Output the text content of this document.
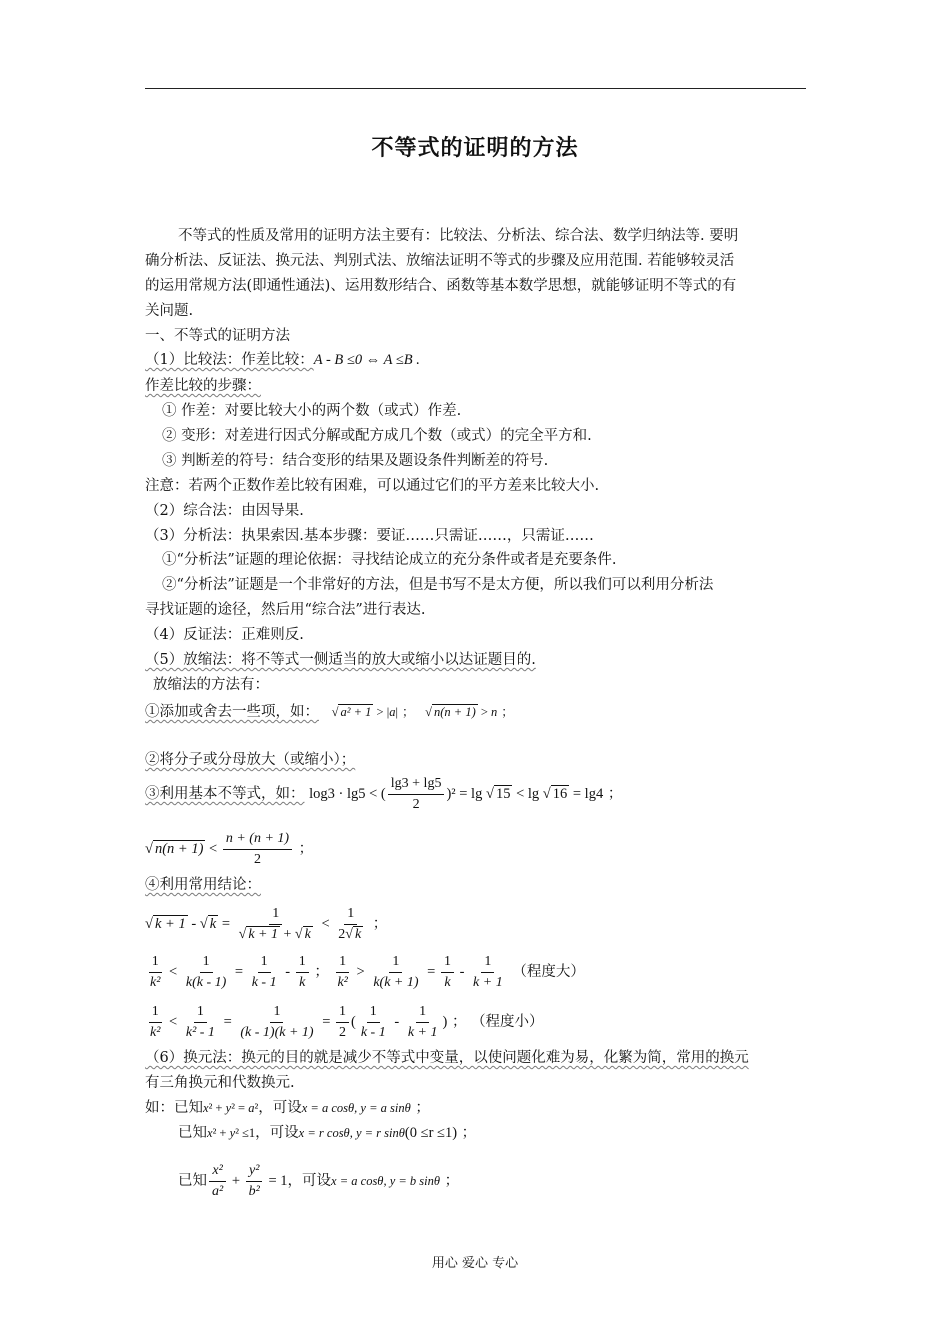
不等式的证明的方法
不等式的性质及常用的证明方法主要有：比较法、分析法、综合法、数学归纳法等. 要明
确分析法、反证法、换元法、判别式法、放缩法证明不等式的步骤及应用范围. 若能够较灵活
的运用常规方法(即通性通法)、运用数形结合、函数等基本数学思想，就能够证明不等式的有
关问题.
一、不等式的证明方法
（1）比较法：作差比较：A - B ≤0 ⇔ A ≤B .
作差比较的步骤：
① 作差：对要比较大小的两个数（或式）作差.
② 变形：对差进行因式分解或配方成几个数（或式）的完全平方和.
③ 判断差的符号：结合变形的结果及题设条件判断差的符号.
注意：若两个正数作差比较有困难，可以通过它们的平方差来比较大小.
（2）综合法：由因导果.
（3）分析法：执果索因.基本步骤：要证……只需证……，只需证……
①“分析法”证题的理论依据：寻找结论成立的充分条件或者是充要条件.
②“分析法”证题是一个非常好的方法，但是书写不是太方便，所以我们可以利用分析法
寻找证题的途径，然后用“综合法”进行表达.
（4）反证法：正难则反.
（5）放缩法：将不等式一侧适当的放大或缩小以达证题目的.
放缩法的方法有：
①添加或舍去一些项，如： √ a² + 1 > |a| ； √ n(n + 1) > n ；
②将分子或分母放大（或缩小）；
③利用基本不等式，如： log3 · lg5 < ( $\frac{\lg 3 + \lg 5}{2} )^2 = \lg$ √ 15 < lg √ 16 = lg4 ；
√ $n(n + 1) < \frac{n + (n + 1)}{2}$ ；
④利用常用结论：
√ k + 1 - √ $k = \frac{1}{√ k + 1 + √ k} < \frac{1}{2√ k}$ ；
$\frac{1}{\text{k²}} < \frac{1}{k(k - 1)} = \frac{1}{k - 1} - \frac{1}{k}$ ； $\frac{1}{\text{k²}} > \frac{1}{k(k + 1)} = \frac{1}{k} - \frac{1}{k + 1}$ （程度大）
$\frac{1}{\text{k²}} < \frac{1}{\text{k² - 1}} = \frac{1}{(k - 1)(k + 1)} = \frac{1}{2}$ ( $\frac{1}{k - 1} - \frac{1}{k + 1}$ ) ； （程度小）
（6）换元法：换元的目的就是减少不等式中变量，以使问题化难为易，化繁为简，常用的换元
有三角换元和代数换元.
如：已知x² + y² = a²，可设x = a cosθ, y = a sinθ ；
已知x² + y² ≤1，可设x = r cosθ, y = r sinθ(0 ≤r ≤1) ；
已知 $\frac{\text{x²}}{\text{a²}} + \frac{\text{y²}}{\text{b²}} = 1$，可设x = a cosθ, y = b sinθ ；
用心 爱心 专心
